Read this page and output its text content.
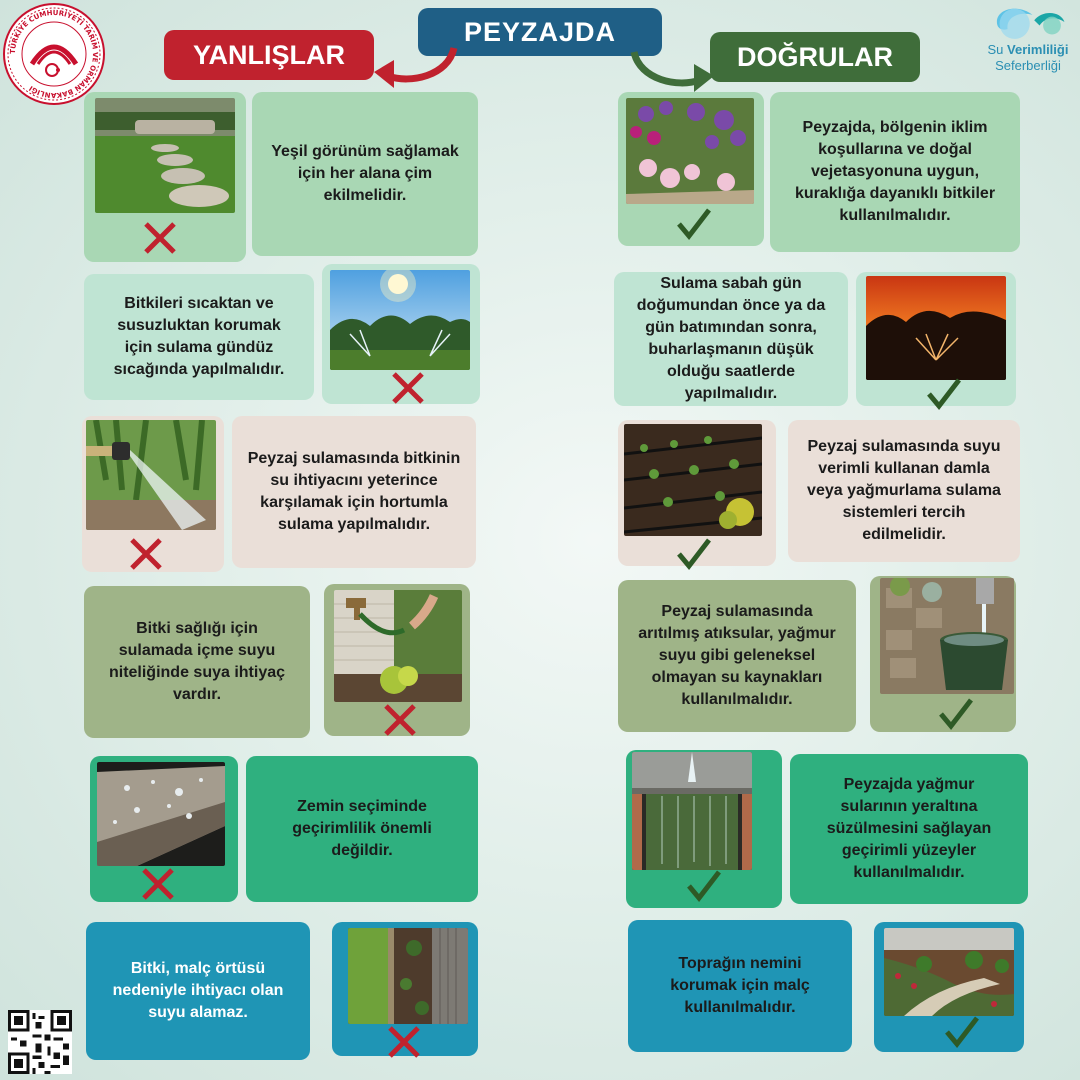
TÜRKİYE CUMHURİYETİ TARIM VE ORMAN BAKANLIĞI
Su Verimliliği
Seferberliği
PEYZAJDA
YANLIŞLAR	DOĞRULAR
Yeşil görünüm sağlamak için her alana çim ekilmelidir.
Bitkileri sıcaktan ve susuzluktan korumak için sulama gündüz sıcağında yapılmalıdır.
Peyzaj sulamasında bitkinin su ihtiyacını yeterince karşılamak için hortumla sulama yapılmalıdır.
Bitki sağlığı için sulamada içme suyu niteliğinde suya ihtiyaç vardır.
Zemin seçiminde geçirimlilik önemli değildir.
Bitki, malç örtüsü nedeniyle ihtiyacı olan suyu alamaz.
Peyzajda, bölgenin iklim koşullarına ve doğal vejetasyonuna uygun, kuraklığa dayanıklı bitkiler kullanılmalıdır.
Sulama sabah gün doğumundan önce ya da gün batımından sonra, buharlaşmanın düşük olduğu saatlerde yapılmalıdır.
Peyzaj sulamasında suyu verimli kullanan damla veya yağmurlama sulama sistemleri tercih edilmelidir.
Peyzaj sulamasında arıtılmış atıksular, yağmur suyu gibi geleneksel olmayan su kaynakları kullanılmalıdır.
Peyzajda yağmur sularının yeraltına süzülmesini sağlayan geçirimli yüzeyler kullanılmalıdır.
Toprağın nemini korumak için malç kullanılmalıdır.
